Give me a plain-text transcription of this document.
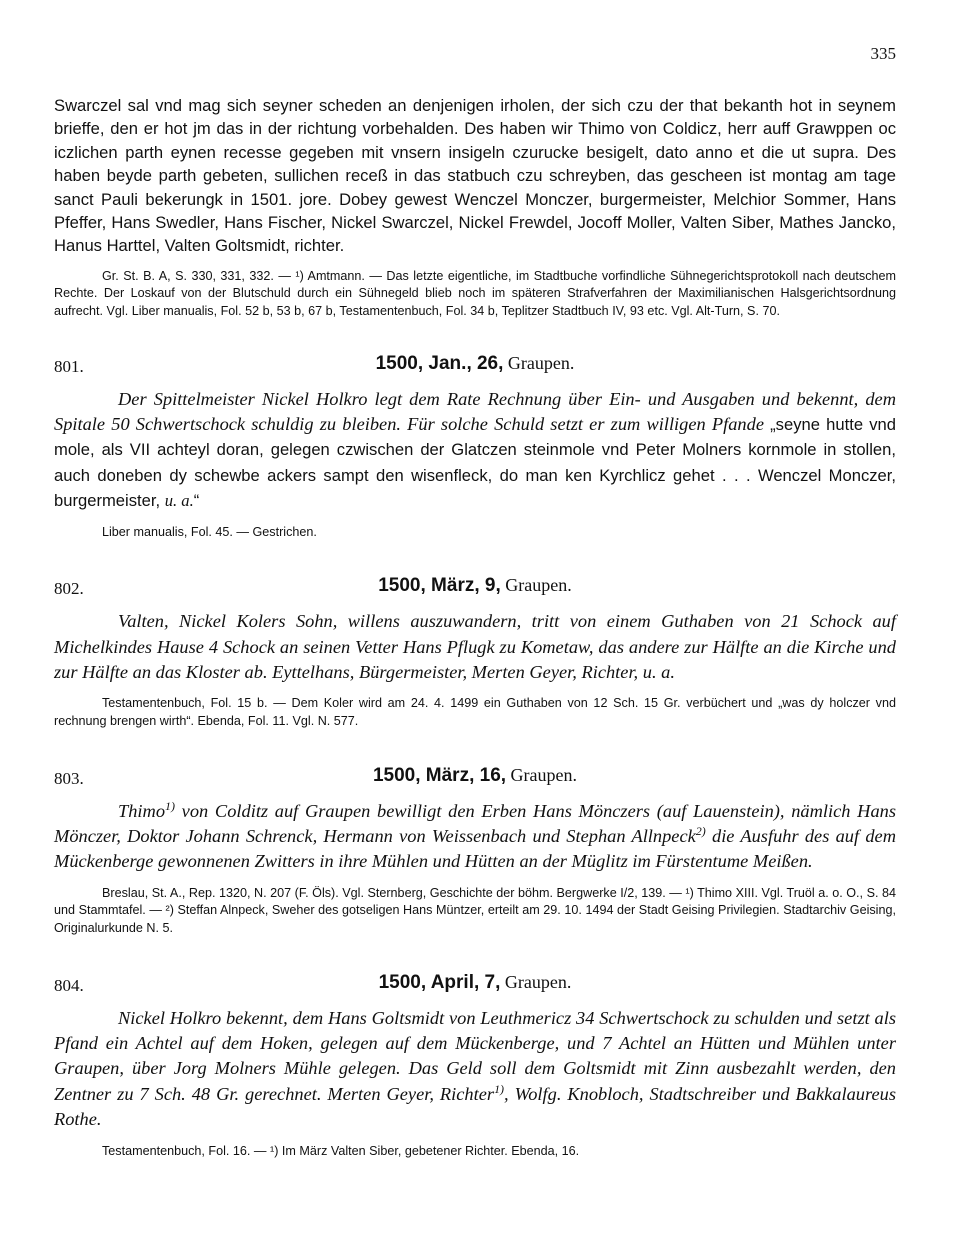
335
Swarczel sal vnd mag sich seyner scheden an denjenigen irholen, der sich czu der that bekanth hot in seynem brieffe, den er hot jm das in der richtung vorbehalden. Des haben wir Thimo von Coldicz, herr auff Grawppen oc iczlichen parth eynen recesse gegeben mit vnsern insigeln czurucke besigelt, dato anno et die ut supra. Des haben beyde parth gebeten, sullichen receß in das statbuch czu schreyben, das gescheen ist montag am tage sanct Pauli bekerungk in 1501. jore. Dobey gewest Wenczel Monczer, burgermeister, Melchior Sommer, Hans Pfeffer, Hans Swedler, Hans Fischer, Nickel Swarczel, Nickel Frewdel, Jocoff Moller, Valten Siber, Mathes Jancko, Hanus Harttel, Valten Goltsmidt, richter.
Gr. St. B. A, S. 330, 331, 332. — ¹) Amtmann. — Das letzte eigentliche, im Stadtbuche vorfindliche Sühnegerichtsprotokoll nach deutschem Rechte. Der Loskauf von der Blutschuld durch ein Sühnegeld blieb noch im späteren Strafverfahren der Maximilianischen Halsgerichtsordnung aufrecht. Vgl. Liber manualis, Fol. 52 b, 53 b, 67 b, Testamentenbuch, Fol. 34 b, Teplitzer Stadtbuch IV, 93 etc. Vgl. Alt-Turn, S. 70.
801.	1500, Jan., 26, Graupen.
Der Spittelmeister Nickel Holkro legt dem Rate Rechnung über Ein- und Ausgaben und bekennt, dem Spitale 50 Schwertschock schuldig zu bleiben. Für solche Schuld setzt er zum willigen Pfande „seyne hutte vnd mole, als VII achteyl doran, gelegen czwischen der Glatczen steinmole vnd Peter Molners kornmole in stollen, auch doneben dy schewbe ackers sampt den wisenfleck, do man ken Kyrchlicz gehet . . . Wenczel Monczer, burgermeister, u. a.“
Liber manualis, Fol. 45. — Gestrichen.
802.	1500, März, 9, Graupen.
Valten, Nickel Kolers Sohn, willens auszuwandern, tritt von einem Guthaben von 21 Schock auf Michelkindes Hause 4 Schock an seinen Vetter Hans Pflugk zu Kometaw, das andere zur Hälfte an die Kirche und zur Hälfte an das Kloster ab. Eyttelhans, Bürgermeister, Merten Geyer, Richter, u. a.
Testamentenbuch, Fol. 15 b. — Dem Koler wird am 24. 4. 1499 ein Guthaben von 12 Sch. 15 Gr. verbüchert und „was dy holczer vnd rechnung brengen wirth“. Ebenda, Fol. 11. Vgl. N. 577.
803.	1500, März, 16, Graupen.
Thimo$^{1)}$ von Colditz auf Graupen bewilligt den Erben Hans Mönczers (auf Lauenstein), nämlich Hans Mönczer, Doktor Johann Schrenck, Hermann von Weissenbach und Stephan Allnpeck$^{2)}$ die Ausfuhr des auf dem Mückenberge gewonnenen Zwitters in ihre Mühlen und Hütten an der Müglitz im Fürstentume Meißen.
Breslau, St. A., Rep. 1320, N. 207 (F. Öls). Vgl. Sternberg, Geschichte der böhm. Bergwerke I/2, 139. — ¹) Thimo XIII. Vgl. Truöl a. o. O., S. 84 und Stammtafel. — ²) Steffan Alnpeck, Sweher des gotseligen Hans Müntzer, erteilt am 29. 10. 1494 der Stadt Geising Privilegien. Stadtarchiv Geising, Originalurkunde N. 5.
804.	1500, April, 7, Graupen.
Nickel Holkro bekennt, dem Hans Goltsmidt von Leuthmericz 34 Schwertschock zu schulden und setzt als Pfand ein Achtel auf dem Hoken, gelegen auf dem Mückenberge, und 7 Achtel an Hütten und Mühlen unter Graupen, über Jorg Molners Mühle gelegen. Das Geld soll dem Goltsmidt mit Zinn ausbezahlt werden, den Zentner zu 7 Sch. 48 Gr. gerechnet. Merten Geyer, Richter$^{1)}$, Wolfg. Knobloch, Stadtschreiber und Bakkalaureus Rothe.
Testamentenbuch, Fol. 16. — ¹) Im März Valten Siber, gebetener Richter. Ebenda, 16.
